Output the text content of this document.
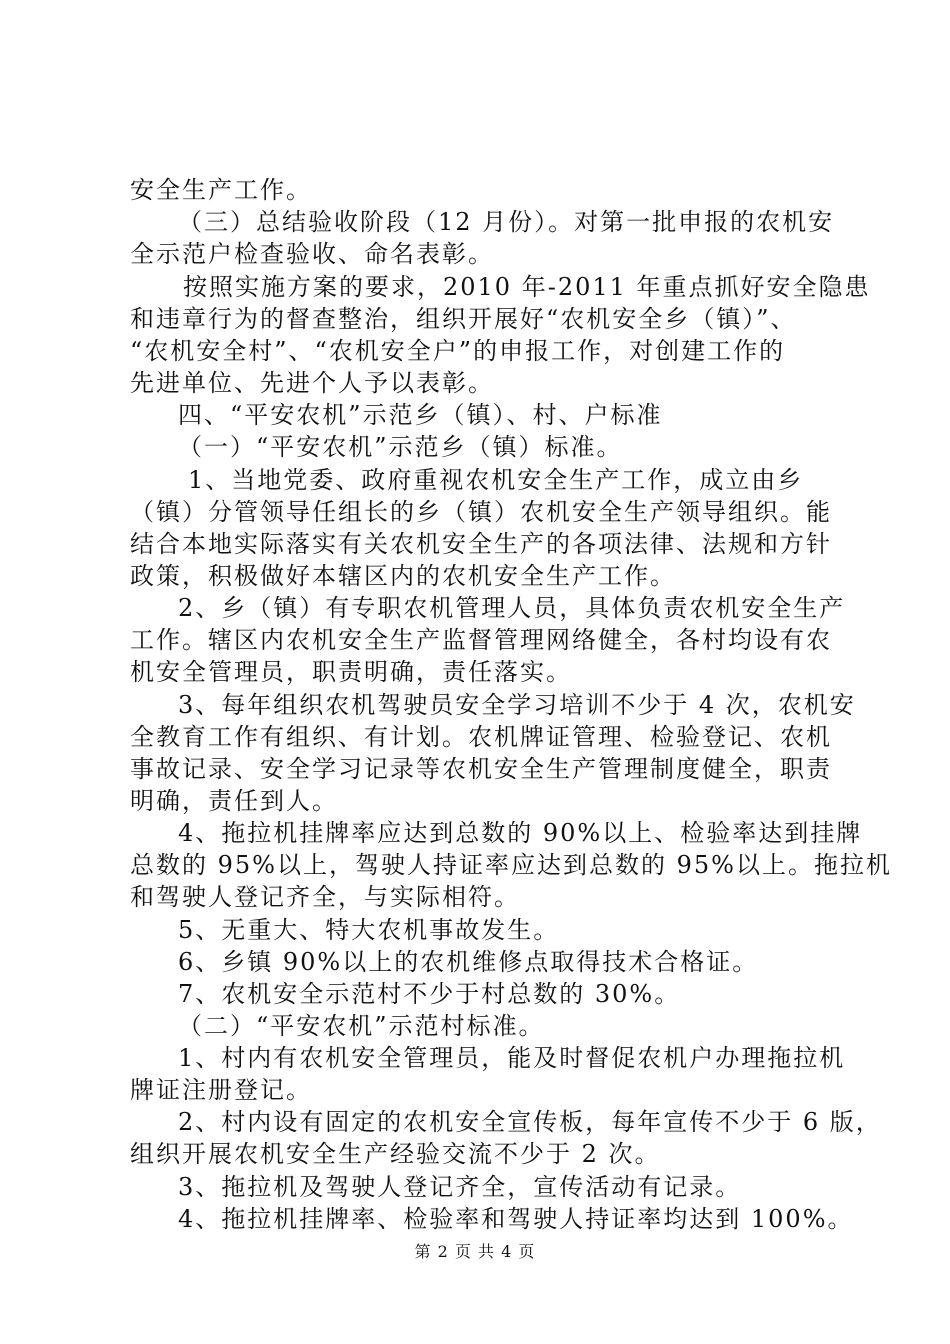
安全生产工作。
（三）总结验收阶段（12 月份）。对第一批申报的农机安
全示范户检查验收、命名表彰。
按照实施方案的要求，2010 年-2011 年重点抓好安全隐患
和违章行为的督查整治，组织开展好“农机安全乡（镇）”、
“农机安全村”、“农机安全户”的申报工作，对创建工作的
先进单位、先进个人予以表彰。
四、“平安农机”示范乡（镇）、村、户标准
（一）“平安农机”示范乡（镇）标准。
1、当地党委、政府重视农机安全生产工作，成立由乡
（镇）分管领导任组长的乡（镇）农机安全生产领导组织。能
结合本地实际落实有关农机安全生产的各项法律、法规和方针
政策，积极做好本辖区内的农机安全生产工作。
2、乡（镇）有专职农机管理人员，具体负责农机安全生产
工作。辖区内农机安全生产监督管理网络健全，各村均设有农
机安全管理员，职责明确，责任落实。
3、每年组织农机驾驶员安全学习培训不少于 4 次，农机安
全教育工作有组织、有计划。农机牌证管理、检验登记、农机
事故记录、安全学习记录等农机安全生产管理制度健全，职责
明确，责任到人。
4、拖拉机挂牌率应达到总数的 90%以上、检验率达到挂牌
总数的 95%以上，驾驶人持证率应达到总数的 95%以上。拖拉机
和驾驶人登记齐全，与实际相符。
5、无重大、特大农机事故发生。
6、乡镇 90%以上的农机维修点取得技术合格证。
7、农机安全示范村不少于村总数的 30%。
（二）“平安农机”示范村标准。
1、村内有农机安全管理员，能及时督促农机户办理拖拉机
牌证注册登记。
2、村内设有固定的农机安全宣传板，每年宣传不少于 6 版，
组织开展农机安全生产经验交流不少于 2 次。
3、拖拉机及驾驶人登记齐全，宣传活动有记录。
4、拖拉机挂牌率、检验率和驾驶人持证率均达到 100%。
第 2 页 共 4 页
